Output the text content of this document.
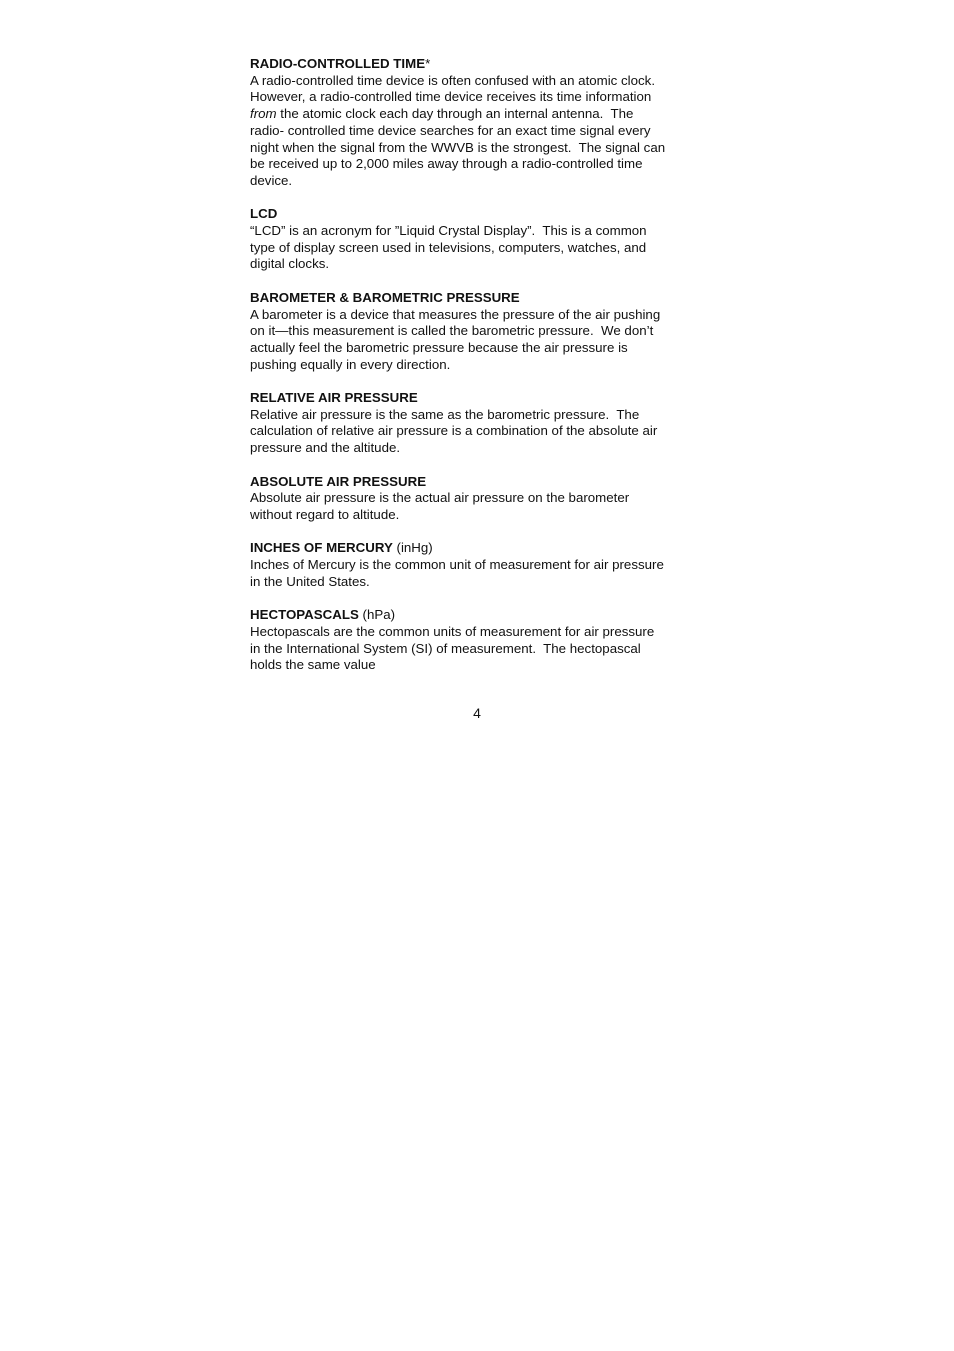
RADIO-CONTROLLED TIME*
A radio-controlled time device is often confused with an atomic clock.
However, a radio-controlled time device receives its time information
from the atomic clock each day through an internal antenna.  The
radio- controlled time device searches for an exact time signal every
night when the signal from the WWVB is the strongest.  The signal can
be received up to 2,000 miles away through a radio-controlled time
device.
LCD
“LCD” is an acronym for ”Liquid Crystal Display”.  This is a common
type of display screen used in televisions, computers, watches, and
digital clocks.
BAROMETER & BAROMETRIC PRESSURE
A barometer is a device that measures the pressure of the air pushing
on it—this measurement is called the barometric pressure.  We don’t
actually feel the barometric pressure because the air pressure is
pushing equally in every direction.
RELATIVE AIR PRESSURE
Relative air pressure is the same as the barometric pressure.  The
calculation of relative air pressure is a combination of the absolute air
pressure and the altitude.
ABSOLUTE AIR PRESSURE
Absolute air pressure is the actual air pressure on the barometer
without regard to altitude.
INCHES OF MERCURY (inHg)
Inches of Mercury is the common unit of measurement for air pressure
in the United States.
HECTOPASCALS (hPa)
Hectopascals are the common units of measurement for air pressure
in the International System (SI) of measurement.  The hectopascal
holds the same value
4
